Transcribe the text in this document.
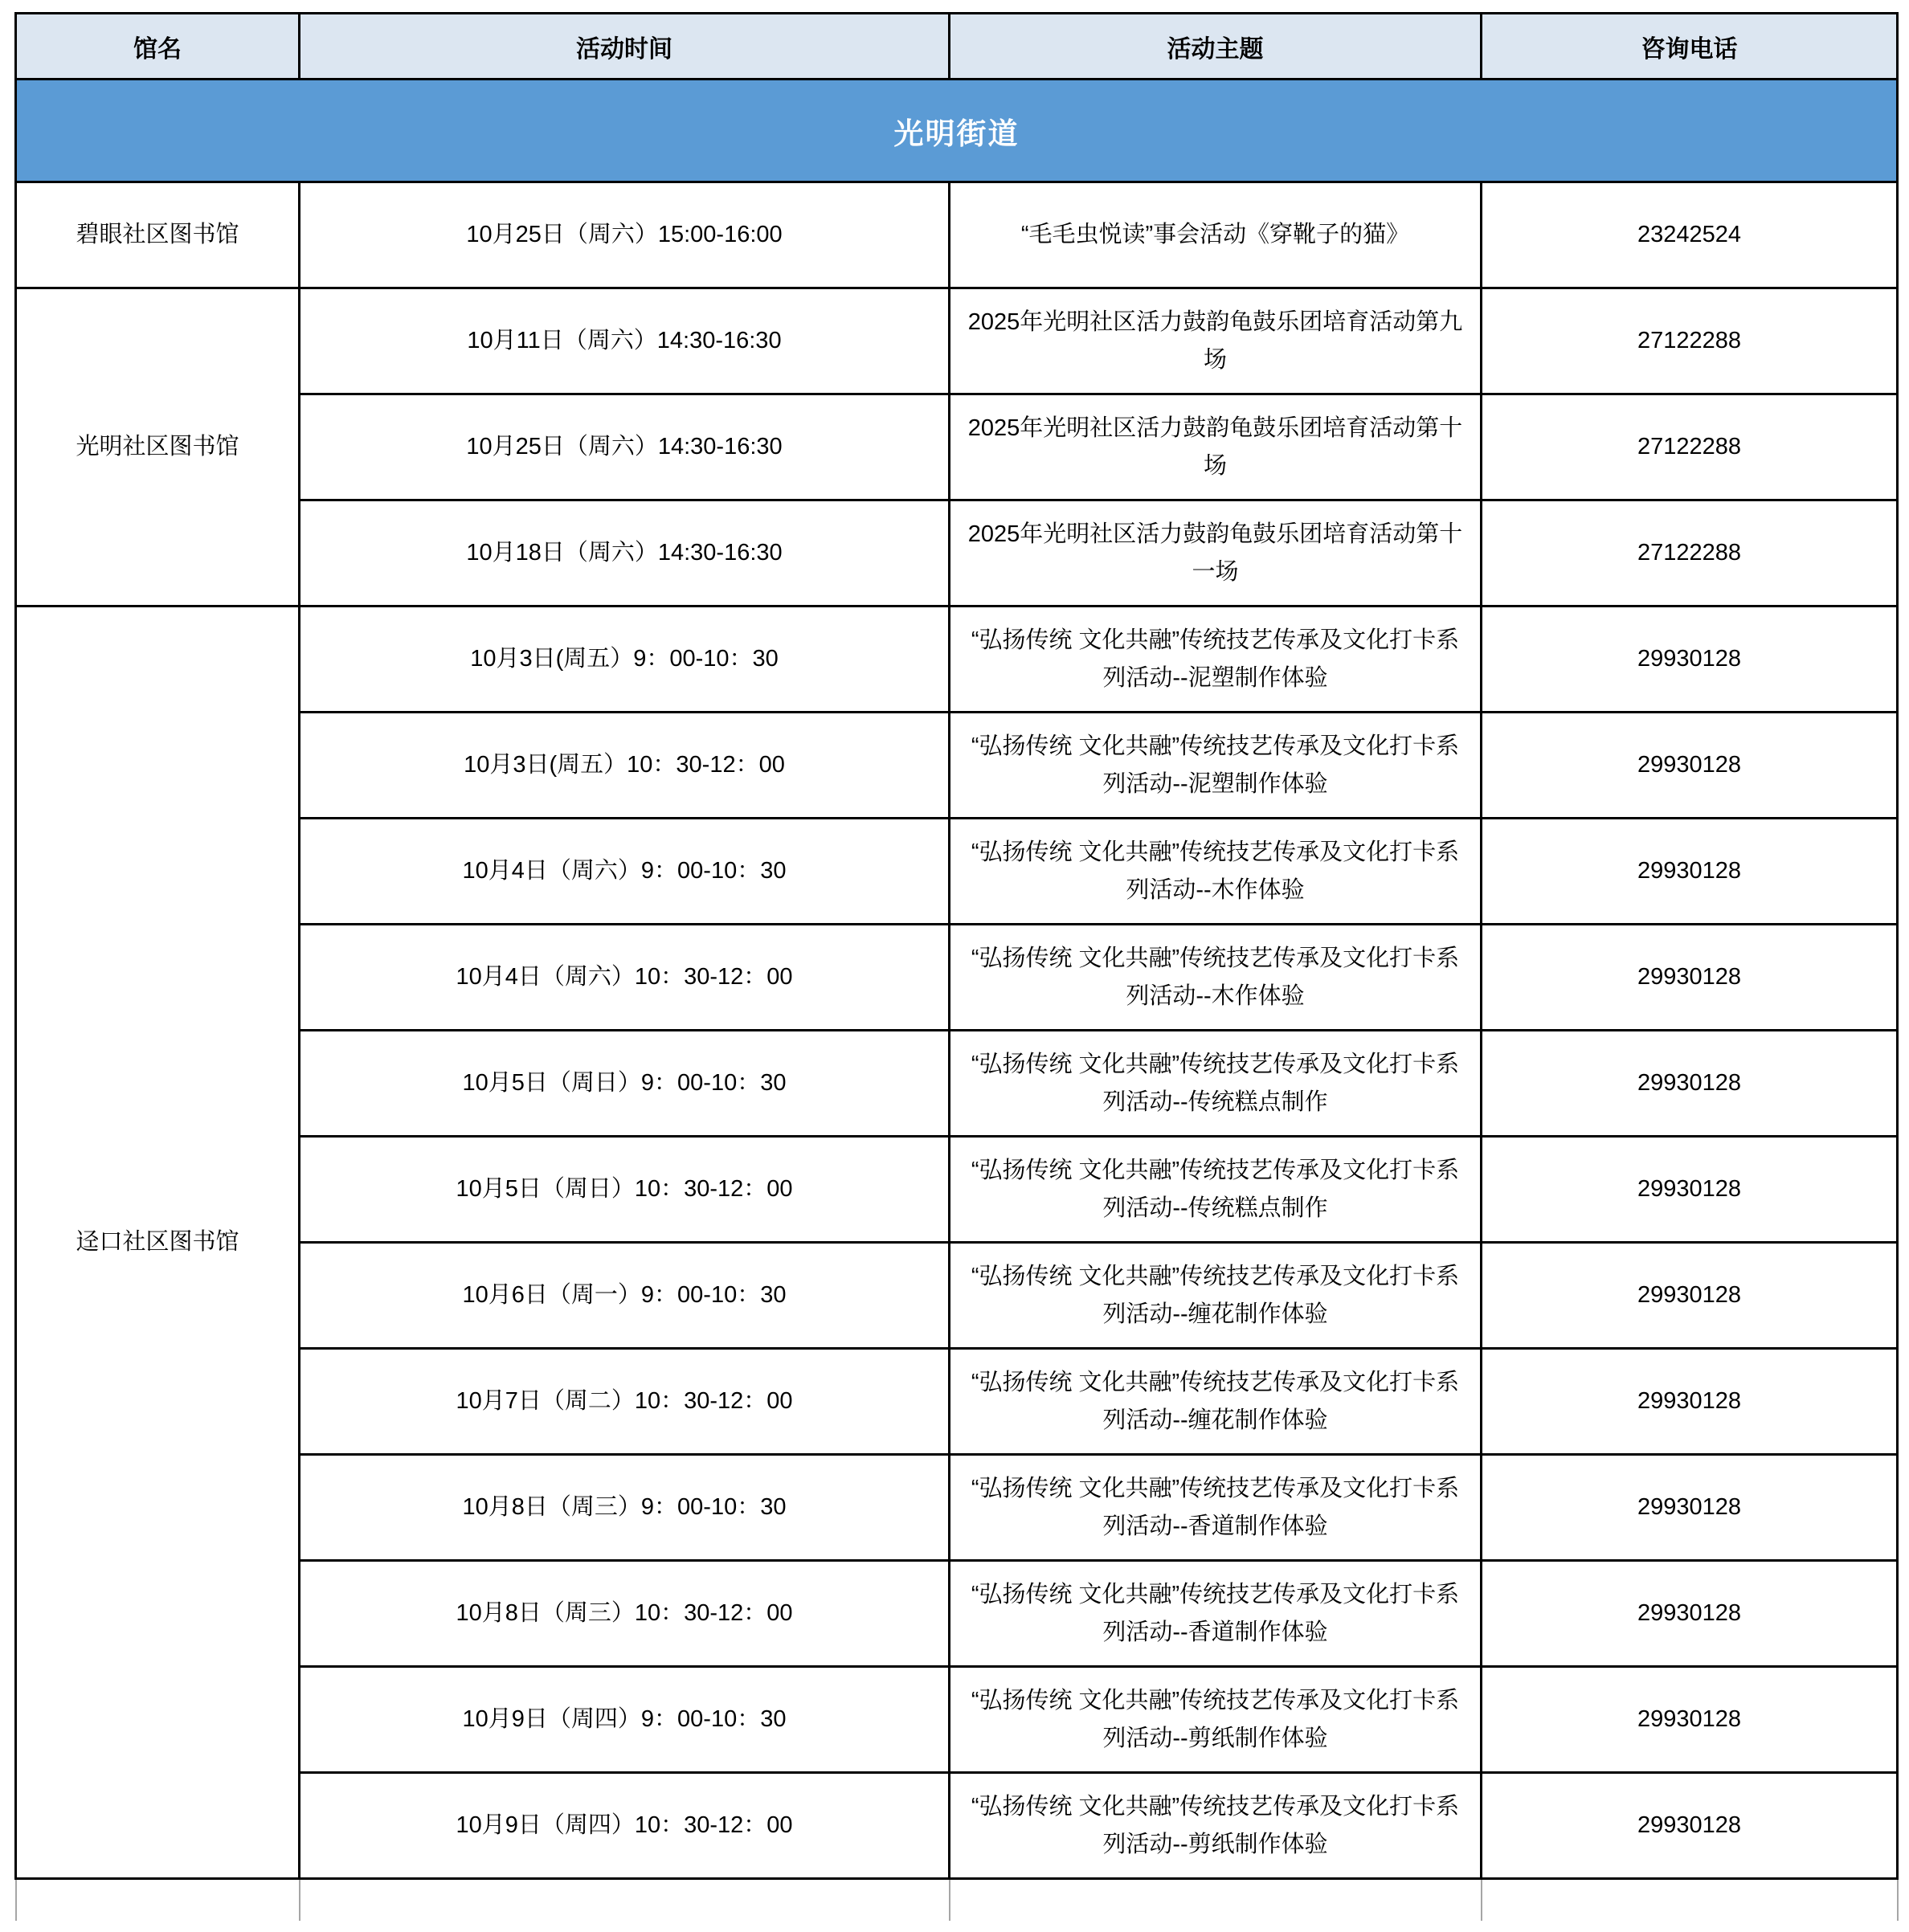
馆名	活动时间	活动主题	咨询电话
光明街道			
碧眼社区图书馆	10月25日（周六）15:00-16:00	“毛毛虫悦读”事会活动《穿靴子的猫》	23242524
光明社区图书馆	10月11日（周六）14:30-16:30	2025年光明社区活力鼓韵龟鼓乐团培育活动第九场	27122288
	10月25日（周六）14:30-16:30	2025年光明社区活力鼓韵龟鼓乐团培育活动第十场	27122288
	10月18日（周六）14:30-16:30	2025年光明社区活力鼓韵龟鼓乐团培育活动第十一场	27122288
迳口社区图书馆	10月3日(周五）9：00-10：30	“弘扬传统 文化共融”传统技艺传承及文化打卡系列活动--泥塑制作体验	29930128
	10月3日(周五）10：30-12：00	“弘扬传统 文化共融”传统技艺传承及文化打卡系列活动--泥塑制作体验	29930128
	10月4日（周六）9：00-10：30	“弘扬传统 文化共融”传统技艺传承及文化打卡系列活动--木作体验	29930128
	10月4日（周六）10：30-12：00	“弘扬传统 文化共融”传统技艺传承及文化打卡系列活动--木作体验	29930128
	10月5日（周日）9：00-10：30	“弘扬传统 文化共融”传统技艺传承及文化打卡系列活动--传统糕点制作	29930128
	10月5日（周日）10：30-12：00	“弘扬传统 文化共融”传统技艺传承及文化打卡系列活动--传统糕点制作	29930128
	10月6日（周一）9：00-10：30	“弘扬传统 文化共融”传统技艺传承及文化打卡系列活动--缠花制作体验	29930128
	10月7日（周二）10：30-12：00	“弘扬传统 文化共融”传统技艺传承及文化打卡系列活动--缠花制作体验	29930128
	10月8日（周三）9：00-10：30	“弘扬传统 文化共融”传统技艺传承及文化打卡系列活动--香道制作体验	29930128
	10月8日（周三）10：30-12：00	“弘扬传统 文化共融”传统技艺传承及文化打卡系列活动--香道制作体验	29930128
	10月9日（周四）9：00-10：30	“弘扬传统 文化共融”传统技艺传承及文化打卡系列活动--剪纸制作体验	29930128
	10月9日（周四）10：30-12：00	“弘扬传统 文化共融”传统技艺传承及文化打卡系列活动--剪纸制作体验	29930128
